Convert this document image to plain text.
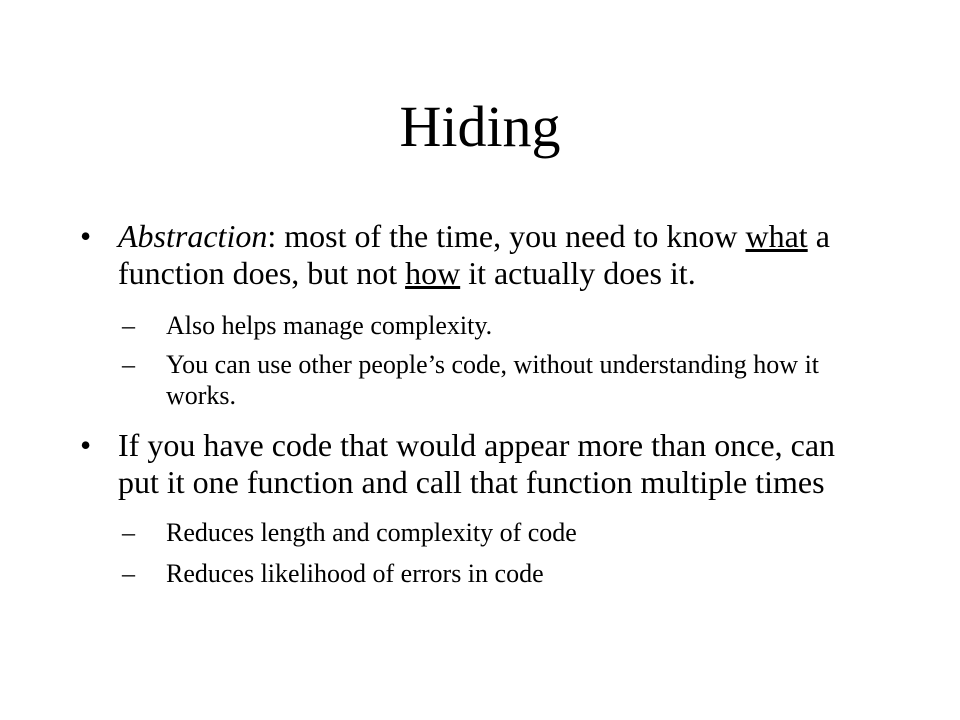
Hiding
• Abstraction: most of the time, you need to know what a function does, but not how it actually does it.
– Also helps manage complexity.
– You can use other people’s code, without understanding how it works.
• If you have code that would appear more than once, can put it one function and call that function multiple times
– Reduces length and complexity of code
– Reduces likelihood of errors in code
